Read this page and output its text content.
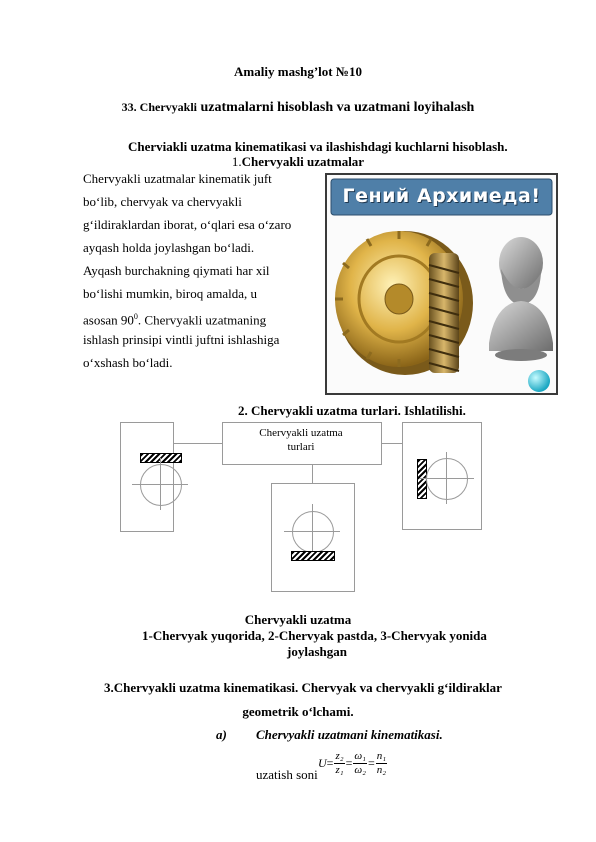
Amaliy mashg’lot №10
33. Chervyakli uzatmalarni hisoblash va uzatmani loyihalash
Cherviakli uzatma kinematikasi va ilashishdagi kuchlarni hisoblash.
1.Chervyakli uzatmalar
Chervyakli uzatmalar kinematik juft
bo‘lib, chervyak va chervyakli
g‘ildiraklardan iborat, o‘qlari esa o‘zaro
ayqash holda joylashgan bo‘ladi.
Ayqash burchakning qiymati har xil
bo‘lishi mumkin, biroq amalda, u
asosan $90^0$. Chervyakli uzatmaning
ishlash prinsipi vintli juftni ishlashiga
o‘xshash bo‘ladi.
Гений Архимеда!
2. Chervyakli uzatma turlari. Ishlatilishi.
Chervyakli uzatma
turlari
Chervyakli uzatma
1-Chervyak yuqorida, 2-Chervyak pastda, 3-Chervyak yonida
joylashgan
3.Chervyakli uzatma kinematikasi. Chervyak va chervyakli g‘ildiraklar
geometrik o‘lchami.
a) Chervyakli uzatmani kinematikasi.
uzatish soni
$U= \frac{\text{z₂}}{\text{z₁}} = \frac{\text{ω₁}}{\text{ω₂}} = \frac{\text{n₁}}{\text{n₂}}$
